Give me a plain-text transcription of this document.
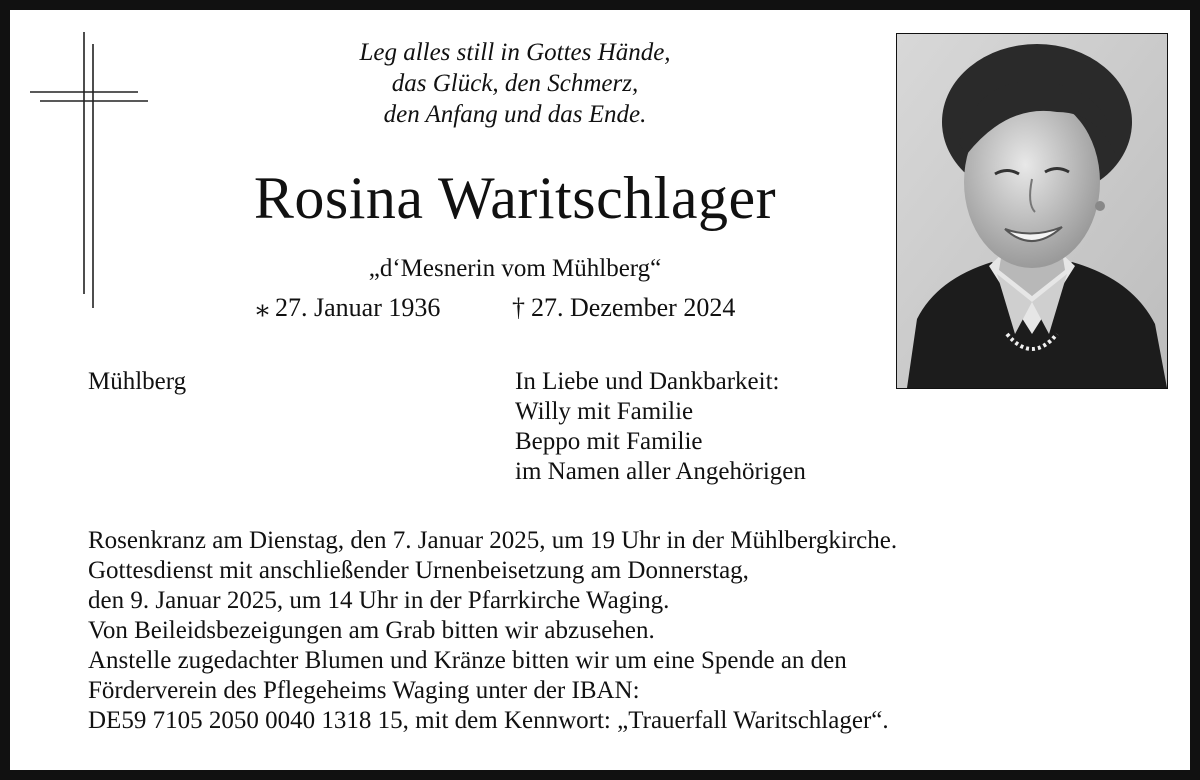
Leg alles still in Gottes Hände,
das Glück, den Schmerz,
den Anfang und das Ende.
Rosina Waritschlager
„d‘Mesnerin vom Mühlberg“
⁎ 27. Januar 1936	† 27. Dezember 2024
Mühlberg	In Liebe und Dankbarkeit:
Willy mit Familie
Beppo mit Familie
im Namen aller Angehörigen
Rosenkranz am Dienstag, den 7. Januar 2025, um 19 Uhr in der Mühlbergkirche.
Gottesdienst mit anschließender Urnenbeisetzung am Donnerstag,
den 9. Januar 2025, um 14 Uhr in der Pfarrkirche Waging.
Von Beileidsbezeigungen am Grab bitten wir abzusehen.
Anstelle zugedachter Blumen und Kränze bitten wir um eine Spende an den
Förderverein des Pflegeheims Waging unter der IBAN:
DE59 7105 2050 0040 1318 15, mit dem Kennwort: „Trauerfall Waritschlager“.
